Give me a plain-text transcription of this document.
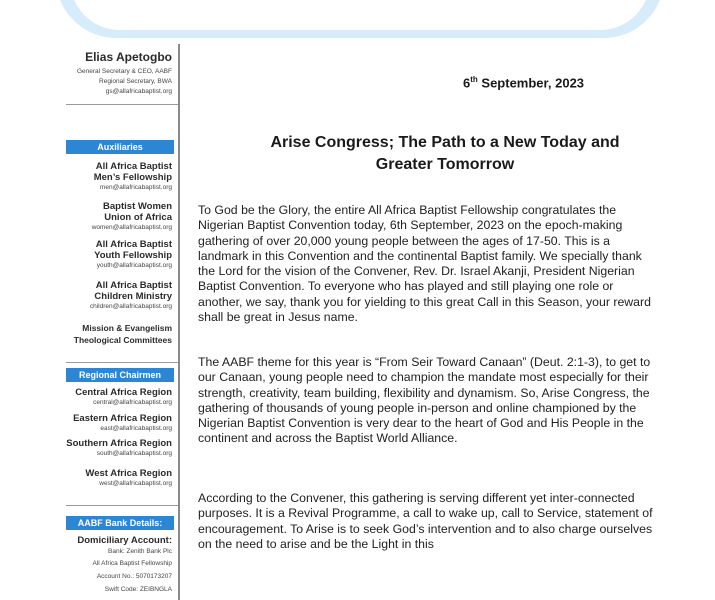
Elias Apetogbo
General Secretary & CEO, AABF
Regional Secretary, BWA
gs@allafricabaptist.org
Auxiliaries
All Africa Baptist
Men’s Fellowship
men@allafricabaptist.org
Baptist Women
Union of Africa
women@allafricabaptist.org
All Africa Baptist
Youth Fellowship
youth@allafricabaptist.org
All Africa Baptist
Children Ministry
children@allafricabaptist.org
Mission & Evangelism
Theological Committees
Regional Chairmen
Central Africa Region
central@allafricabaptist.org
Eastern Africa Region
east@allafricabaptist.org
Southern Africa Region
south@allafricabaptist.org
West Africa Region
west@allafricabaptist.org
AABF Bank Details:
Domiciliary Account:
Bank: Zenith Bank Plc
All Africa Baptist Fellowship
Account No.: 5070173207
Swift Code: ZEIBNGLA
6th September, 2023
Arise Congress; The Path to a New Today and Greater Tomorrow
To God be the Glory, the entire All Africa Baptist Fellowship congratulates the Nigerian Baptist Convention today, 6th September, 2023 on the epoch-making gathering of over 20,000 young people between the ages of 17-50. This is a landmark in this Convention and the continental Baptist family. We specially thank the Lord for the vision of the Convener, Rev. Dr. Israel Akanji, President Nigerian Baptist Convention. To everyone who has played and still playing one role or another, we say, thank you for yielding to this great Call in this Season, your reward shall be great in Jesus name.
The AABF theme for this year is “From Seir Toward Canaan” (Deut. 2:1-3), to get to our Canaan, young people need to champion the mandate most especially for their strength, creativity, team building, flexibility and dynamism. So, Arise Congress, the gathering of thousands of young people in-person and online championed by the Nigerian Baptist Convention is very dear to the heart of God and His People in the continent and across the Baptist World Alliance.
According to the Convener, this gathering is serving different yet inter-connected purposes. It is a Revival Programme, a call to wake up, call to Service, statement of encouragement. To Arise is to seek God’s intervention and to also charge ourselves on the need to arise and be the Light in this
